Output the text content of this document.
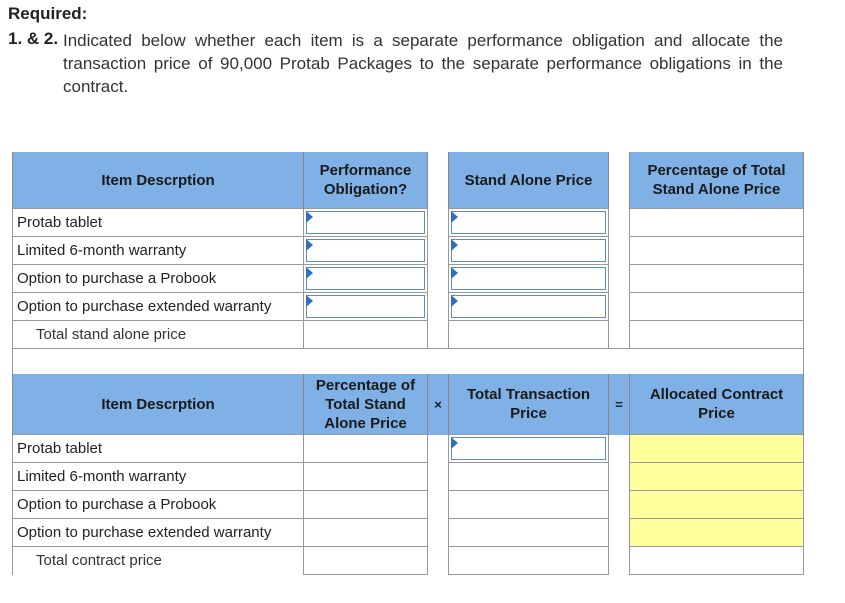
Required:
1. & 2. Indicated below whether each item is a separate performance obligation and allocate the transaction price of 90,000 Protab Packages to the separate performance obligations in the contract.
Item Descrption	Performance Obligation?		Stand Alone Price		Percentage of Total Stand Alone Price
Protab tablet	

Limited 6-month warranty	

Option to purchase a Probook	

Option to purchase extended warranty	

Total stand alone price					

Item Descrption	Percentage of Total Stand Alone Price	×	Total Transaction Price	=	Allocated Contract Price
Protab tablet			

Limited 6-month warranty					
Option to purchase a Probook					
Option to purchase extended warranty					
Total contract price					
